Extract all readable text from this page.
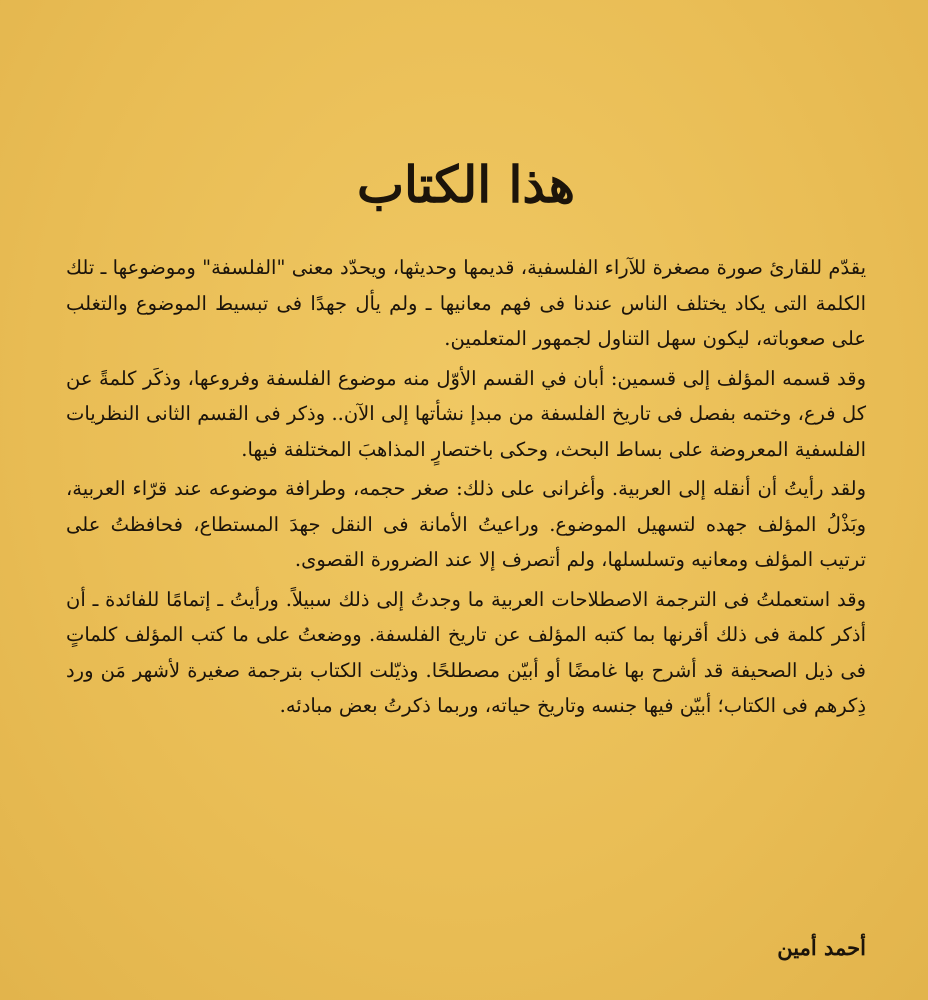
هذا الكتاب

يقدّم للقارئ صورة مصغرة للآراء الفلسفية، قديمها وحديثها، ويحدّد معنى "الفلسفة" وموضوعها ـ تلك الكلمة التى يكاد يختلف الناس عندنا فى فهم معانيها ـ ولم يأل جهدًا فى تبسيط الموضوع والتغلب على صعوباته، ليكون سهل التناول لجمهور المتعلمين.

وقد قسمه المؤلف إلى قسمين: أبان في القسم الأوّل منه موضوع الفلسفة وفروعها، وذكَر كلمةً عن كل فرع، وختمه بفصل فى تاريخ الفلسفة من مبدإ نشأتها إلى الآن.. وذكر فى القسم الثانى النظريات الفلسفية المعروضة على بساط البحث، وحكى باختصارٍ المذاهبَ المختلفة فيها.

ولقد رأيتُ أن أنقله إلى العربية. وأغرانى على ذلك: صغر حجمه، وطرافة موضوعه عند قرّاء العربية، وبَذْلُ المؤلف جهده لتسهيل الموضوع. وراعيتُ الأمانة فى النقل جهدَ المستطاع، فحافظتُ على ترتيب المؤلف ومعانيه وتسلسلها، ولم أتصرف إلا عند الضرورة القصوى.

وقد استعملتُ فى الترجمة الاصطلاحات العربية ما وجدتُ إلى ذلك سبيلاً. ورأيتُ ـ إتمامًا للفائدة ـ أن أذكر كلمة فى ذلك أقرنها بما كتبه المؤلف عن تاريخ الفلسفة. ووضعتُ على ما كتب المؤلف كلماتٍ فى ذيل الصحيفة قد أشرح بها غامضًا أو أبيّن مصطلحًا. وذيّلت الكتاب بترجمة صغيرة لأشهر مَن ورد ذِكرهم فى الكتاب؛ أبيّن فيها جنسه وتاريخ حياته، وربما ذكرتُ بعض مبادئه.

أحمد أمين
